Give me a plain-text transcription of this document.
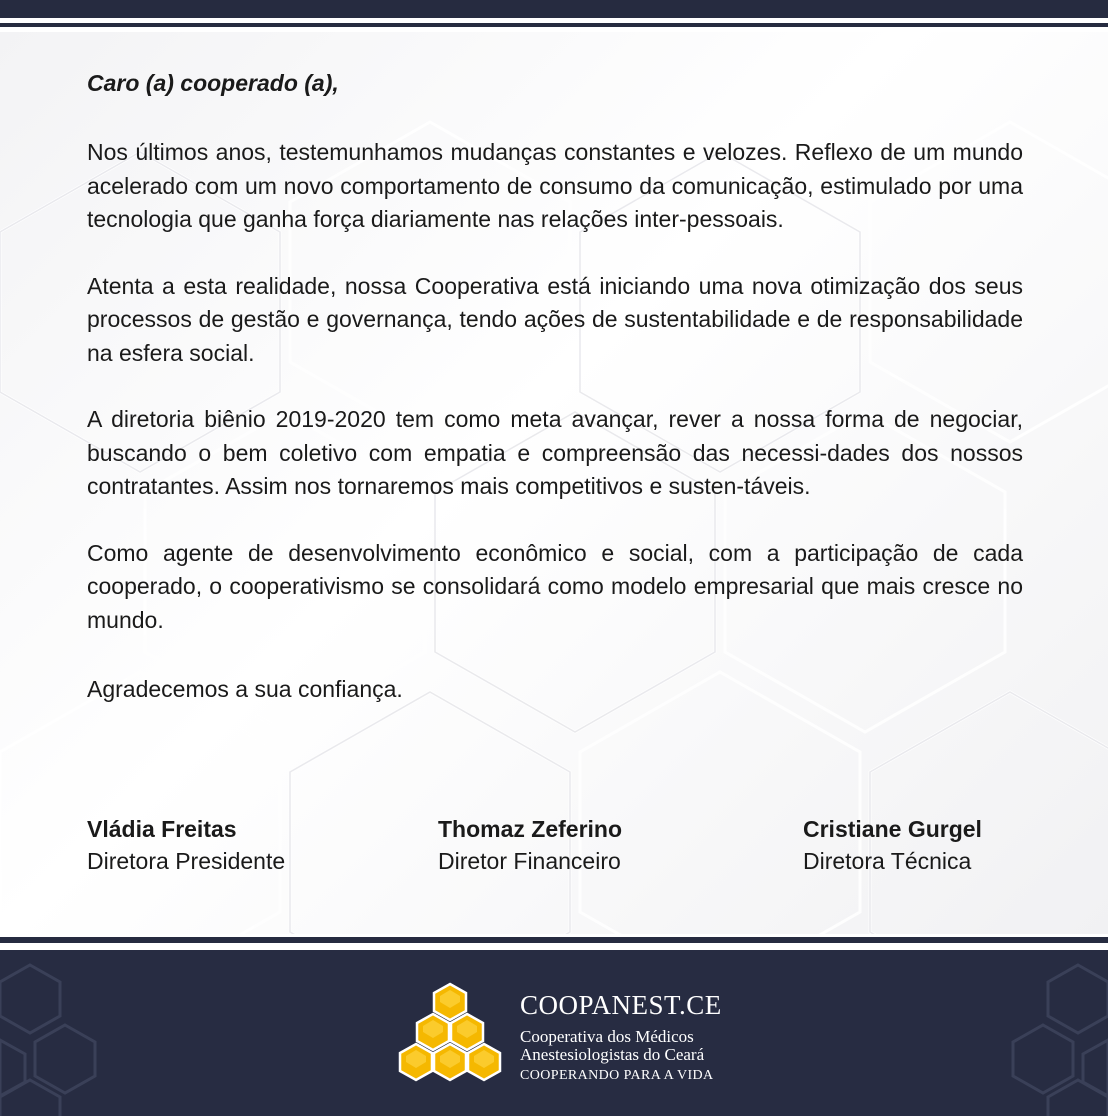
Caro (a) cooperado (a),

Nos últimos anos, testemunhamos mudanças constantes e velozes. Reflexo de um mundo acelerado com um novo comportamento de consumo da comunicação, estimulado por uma tecnologia que ganha força diariamente nas relações inter-pessoais.

Atenta a esta realidade, nossa Cooperativa está iniciando uma nova otimização dos seus processos de gestão e governança, tendo ações de sustentabilidade e de responsabilidade na esfera social.

A diretoria biênio 2019-2020 tem como meta avançar, rever a nossa forma de negociar, buscando o bem coletivo com empatia e compreensão das necessi-dades dos nossos contratantes. Assim nos tornaremos mais competitivos e susten-táveis.

Como agente de desenvolvimento econômico e social, com a participação de cada cooperado, o cooperativismo se consolidará como modelo empresarial que mais cresce no mundo.

Agradecemos a sua confiança.

Vládia Freitas
Diretora Presidente
Thomaz Zeferino
Diretor Financeiro
Cristiane Gurgel
Diretora Técnica
COOPANEST.CE
Cooperativa dos Médicos
Anestesiologistas do Ceará
COOPERANDO PARA A VIDA
